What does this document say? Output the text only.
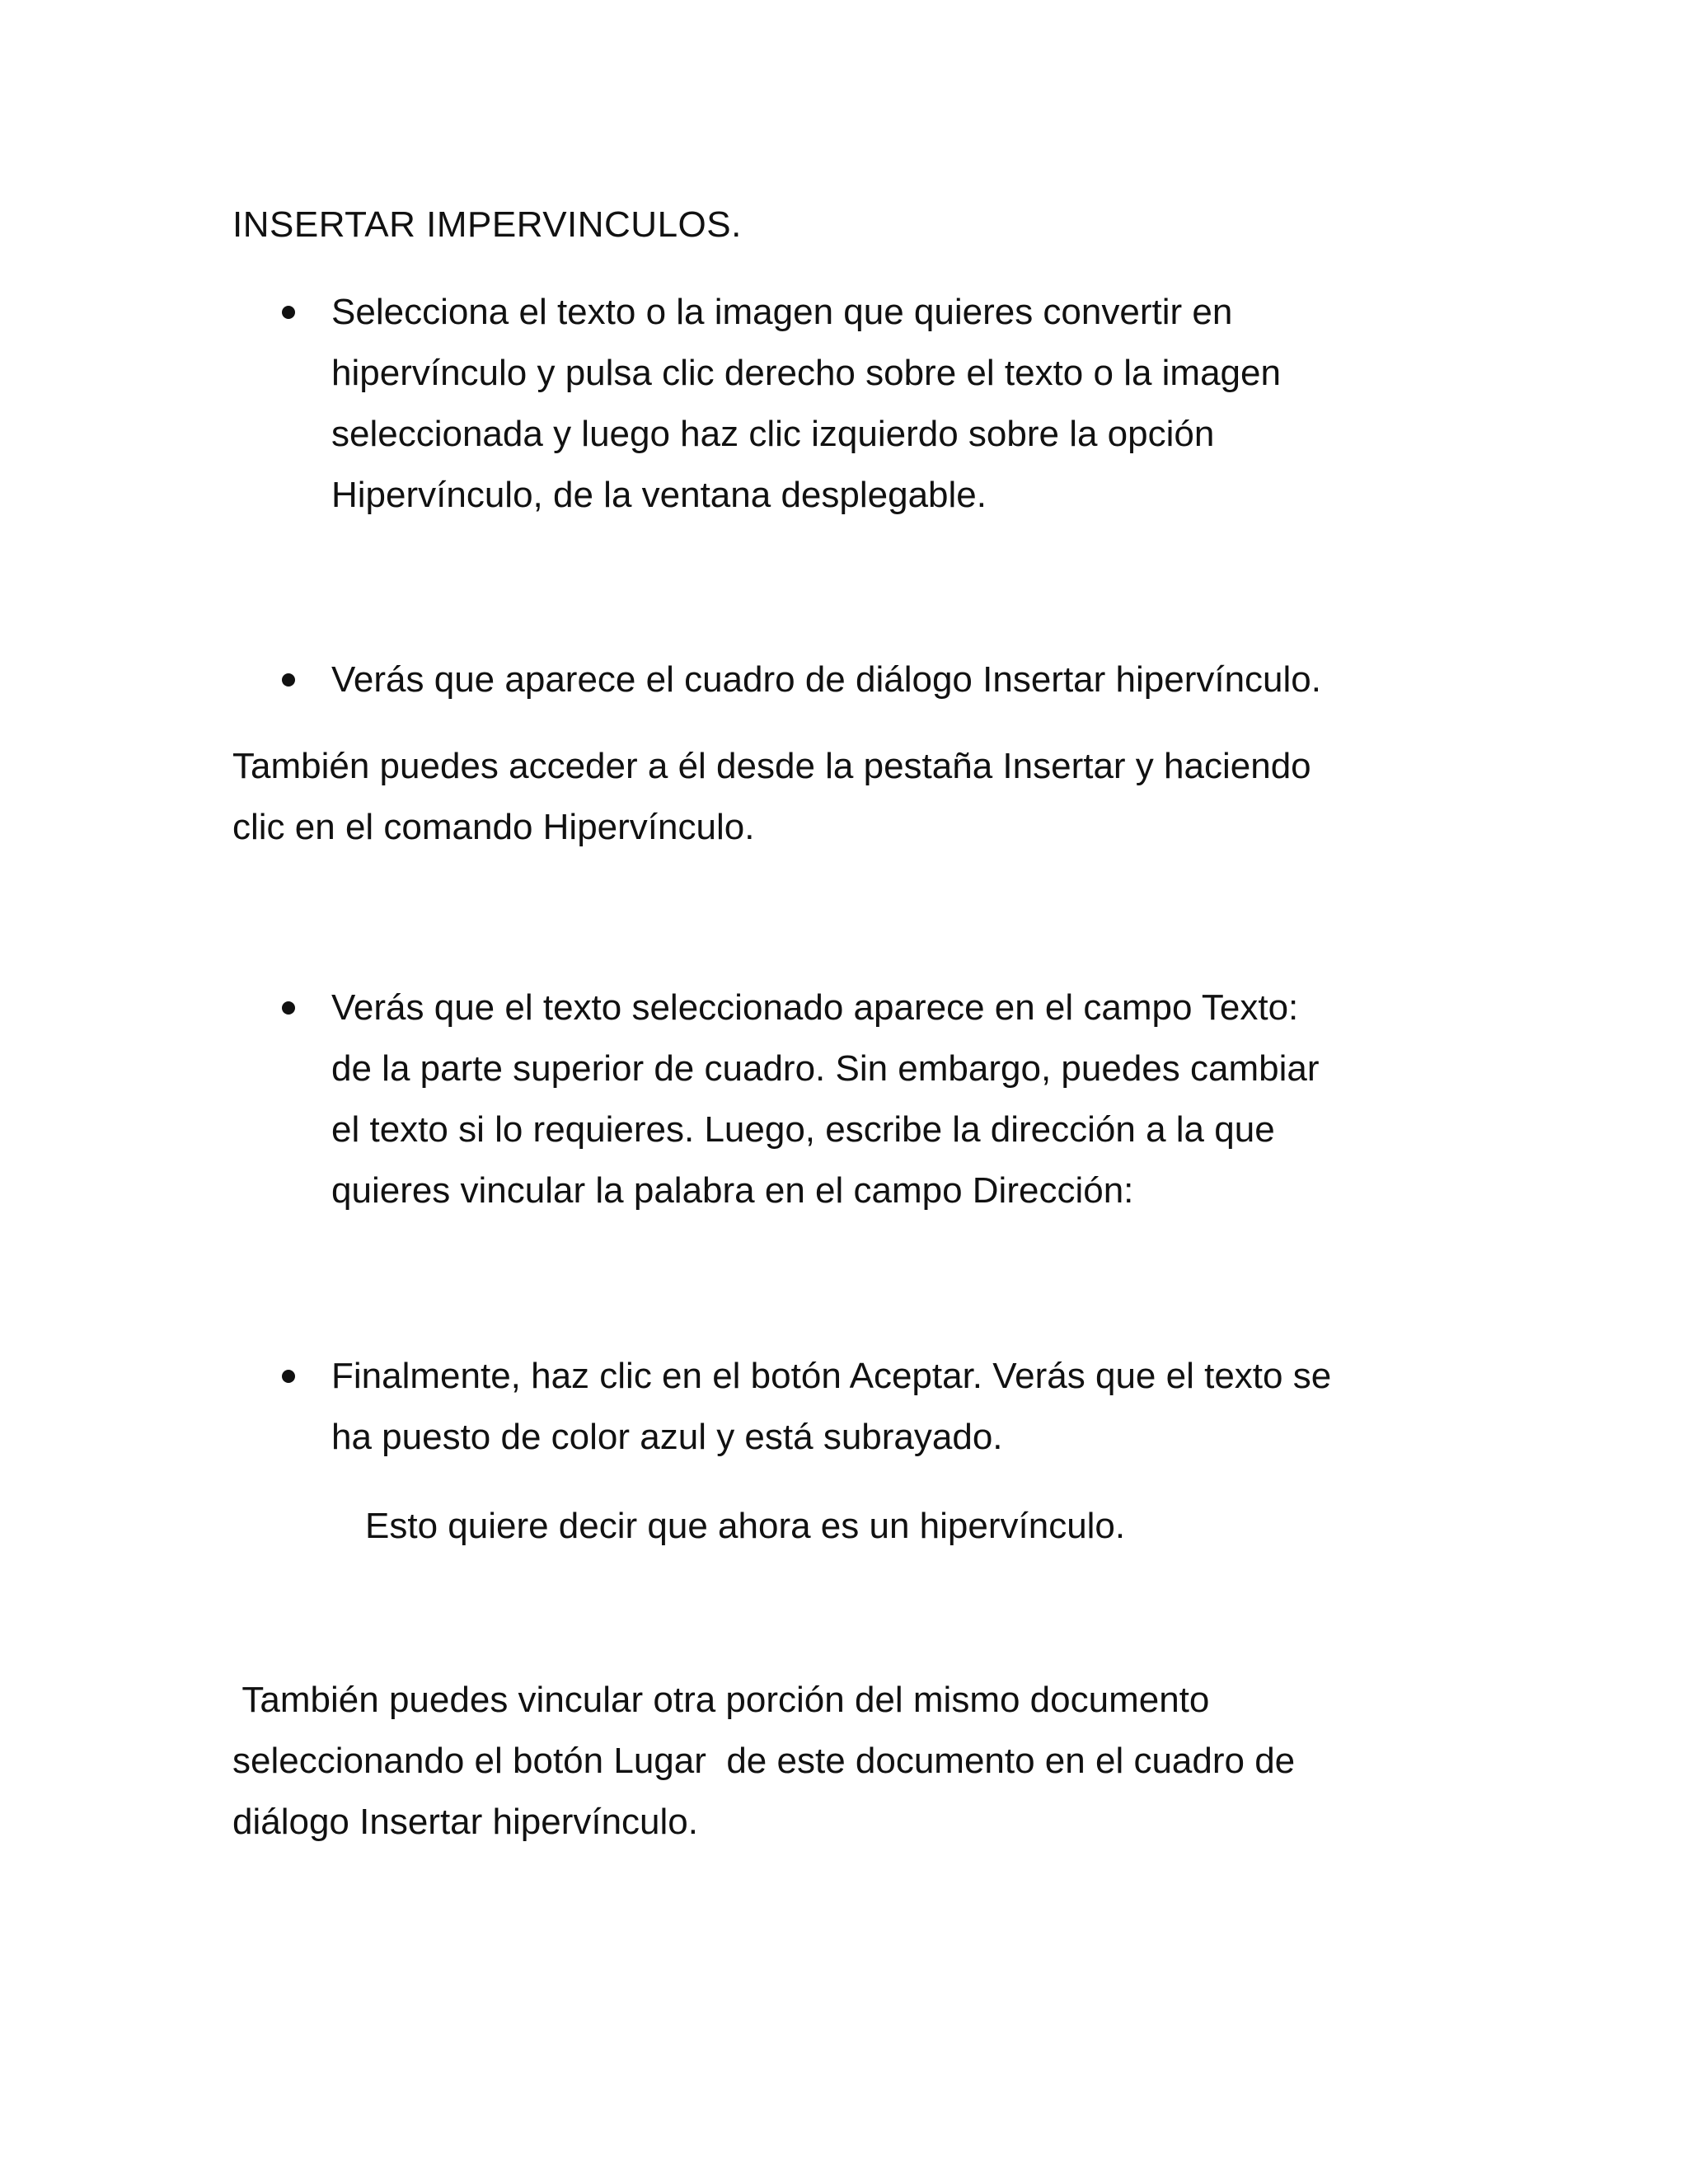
INSERTAR IMPERVINCULOS.
Selecciona el texto o la imagen que quieres convertir en
hipervínculo y pulsa clic derecho sobre el texto o la imagen
seleccionada y luego haz clic izquierdo sobre la opción
Hipervínculo, de la ventana desplegable.
Verás que aparece el cuadro de diálogo Insertar hipervínculo.
También puedes acceder a él desde la pestaña Insertar y haciendo
clic en el comando Hipervínculo.
Verás que el texto seleccionado aparece en el campo Texto:
de la parte superior de cuadro. Sin embargo, puedes cambiar
el texto si lo requieres. Luego, escribe la dirección a la que
quieres vincular la palabra en el campo Dirección:
Finalmente, haz clic en el botón Aceptar. Verás que el texto se
ha puesto de color azul y está subrayado.
Esto quiere decir que ahora es un hipervínculo.
También puedes vincular otra porción del mismo documento
seleccionando el botón Lugar  de este documento en el cuadro de
diálogo Insertar hipervínculo.
